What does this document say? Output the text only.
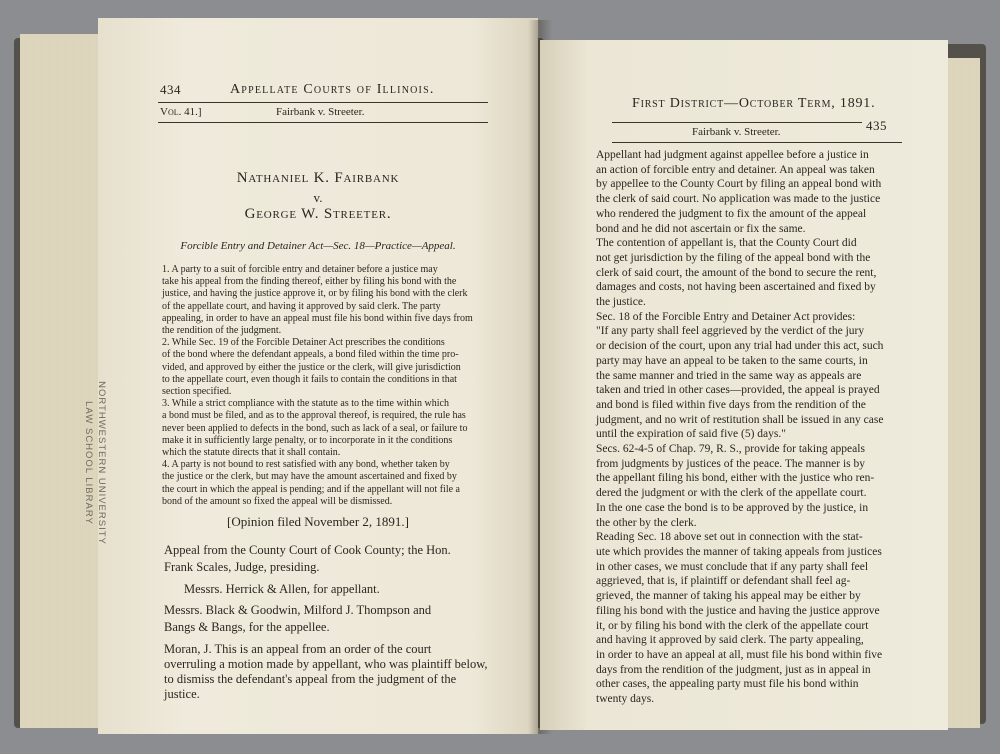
NORTHWESTERN UNIVERSITY
LAW SCHOOL LIBRARY
434	Appellate Courts of Illinois.
Vol. 41.]	Fairbank v. Streeter.
Nathaniel K. Fairbank
v.
George W. Streeter.
Forcible Entry and Detainer Act—Sec. 18—Practice—Appeal.
1. A party to a suit of forcible entry and detainer before a justice may
take his appeal from the finding thereof, either by filing his bond with the
justice, and having the justice approve it, or by filing his bond with the clerk
of the appellate court, and having it approved by said clerk. The party
appealing, in order to have an appeal must file his bond within five days from
the rendition of the judgment.
2. While Sec. 19 of the Forcible Detainer Act prescribes the conditions
of the bond where the defendant appeals, a bond filed within the time pro-
vided, and approved by either the justice or the clerk, will give jurisdiction
to the appellate court, even though it fails to contain the conditions in that
section specified.
3. While a strict compliance with the statute as to the time within which
a bond must be filed, and as to the approval thereof, is required, the rule has
never been applied to defects in the bond, such as lack of a seal, or failure to
make it in sufficiently large penalty, or to incorporate in it the conditions
which the statute directs that it shall contain.
4. A party is not bound to rest satisfied with any bond, whether taken by
the justice or the clerk, but may have the amount ascertained and fixed by
the court in which the appeal is pending; and if the appellant will not file a
bond of the amount so fixed the appeal will be dismissed.
[Opinion filed November 2, 1891.]
Appeal from the County Court of Cook County; the Hon.
Frank Scales, Judge, presiding.
Messrs. Herrick & Allen, for appellant.
Messrs. Black & Goodwin, Milford J. Thompson and
Bangs & Bangs, for the appellee.
Moran, J. This is an appeal from an order of the court
overruling a motion made by appellant, who was plaintiff below,
to dismiss the defendant's appeal from the judgment of the
justice.
First District—October Term, 1891.
435
Fairbank v. Streeter.
Appellant had judgment against appellee before a justice in
an action of forcible entry and detainer. An appeal was taken
by appellee to the County Court by filing an appeal bond with
the clerk of said court. No application was made to the justice
who rendered the judgment to fix the amount of the appeal
bond and he did not ascertain or fix the same.
The contention of appellant is, that the County Court did
not get jurisdiction by the filing of the appeal bond with the
clerk of said court, the amount of the bond to secure the rent,
damages and costs, not having been ascertained and fixed by
the justice.
Sec. 18 of the Forcible Entry and Detainer Act provides:
"If any party shall feel aggrieved by the verdict of the jury
or decision of the court, upon any trial had under this act, such
party may have an appeal to be taken to the same courts, in
the same manner and tried in the same way as appeals are
taken and tried in other cases—provided, the appeal is prayed
and bond is filed within five days from the rendition of the
judgment, and no writ of restitution shall be issued in any case
until the expiration of said five (5) days."
Secs. 62-4-5 of Chap. 79, R. S., provide for taking appeals
from judgments by justices of the peace. The manner is by
the appellant filing his bond, either with the justice who ren-
dered the judgment or with the clerk of the appellate court.
In the one case the bond is to be approved by the justice, in
the other by the clerk.
Reading Sec. 18 above set out in connection with the stat-
ute which provides the manner of taking appeals from justices
in other cases, we must conclude that if any party shall feel
aggrieved, that is, if plaintiff or defendant shall feel ag-
grieved, the manner of taking his appeal may be either by
filing his bond with the justice and having the justice approve
it, or by filing his bond with the clerk of the appellate court
and having it approved by said clerk. The party appealing,
in order to have an appeal at all, must file his bond within five
days from the rendition of the judgment, just as in appeal in
other cases, the appealing party must file his bond within
twenty days.
